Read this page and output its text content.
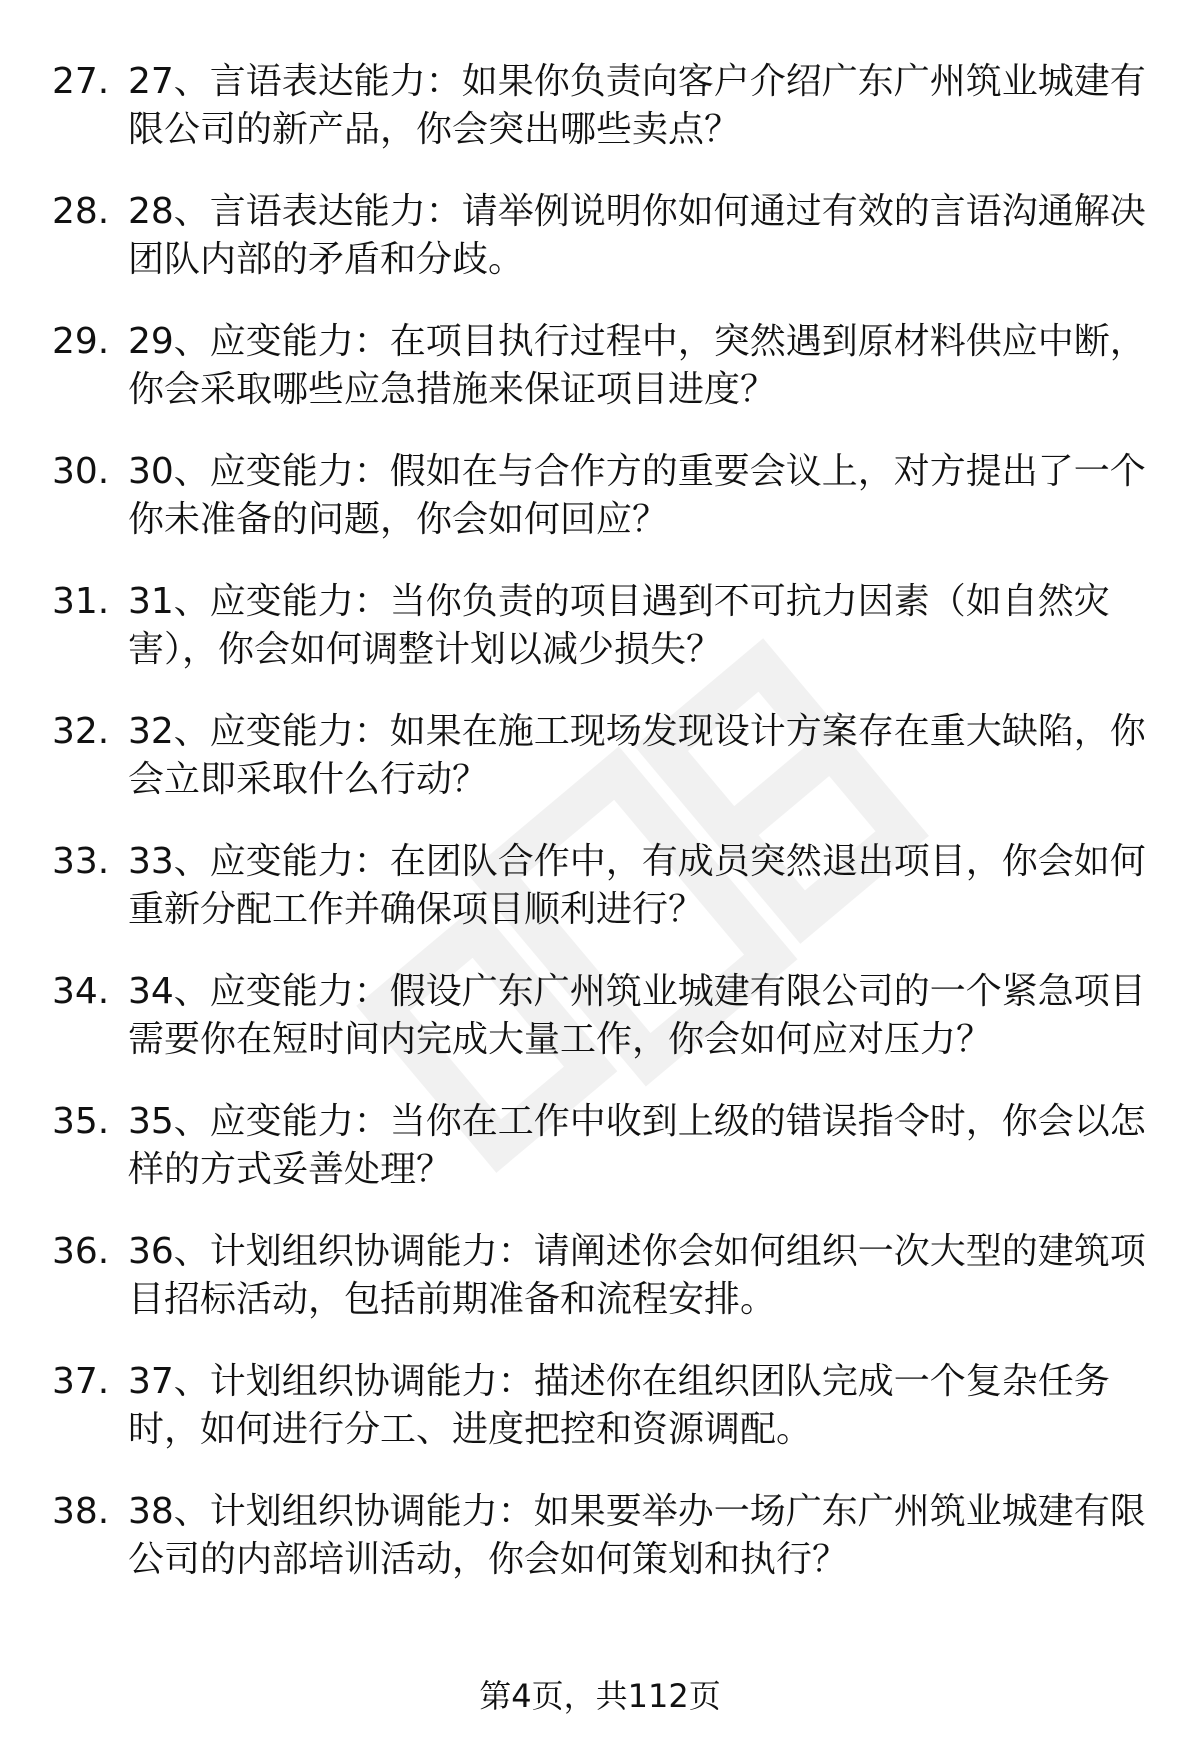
27. 27、言语表达能力：如果你负责向客户介绍广东广州筑业城建有
限公司的新产品，你会突出哪些卖点？
28. 28、言语表达能力：请举例说明你如何通过有效的言语沟通解决
团队内部的矛盾和分歧。
29. 29、应变能力：在项目执行过程中，突然遇到原材料供应中断，
你会采取哪些应急措施来保证项目进度？
30. 30、应变能力：假如在与合作方的重要会议上，对方提出了一个
你未准备的问题，你会如何回应？
31. 31、应变能力：当你负责的项目遇到不可抗力因素（如自然灾
害），你会如何调整计划以减少损失？
32. 32、应变能力：如果在施工现场发现设计方案存在重大缺陷，你
会立即采取什么行动？
33. 33、应变能力：在团队合作中，有成员突然退出项目，你会如何
重新分配工作并确保项目顺利进行？
34. 34、应变能力：假设广东广州筑业城建有限公司的一个紧急项目
需要你在短时间内完成大量工作，你会如何应对压力？
35. 35、应变能力：当你在工作中收到上级的错误指令时，你会以怎
样的方式妥善处理？
36. 36、计划组织协调能力：请阐述你会如何组织一次大型的建筑项
目招标活动，包括前期准备和流程安排。
37. 37、计划组织协调能力：描述你在组织团队完成一个复杂任务
时，如何进行分工、进度把控和资源调配。
38. 38、计划组织协调能力：如果要举办一场广东广州筑业城建有限
公司的内部培训活动，你会如何策划和执行？
第4页，共112页
